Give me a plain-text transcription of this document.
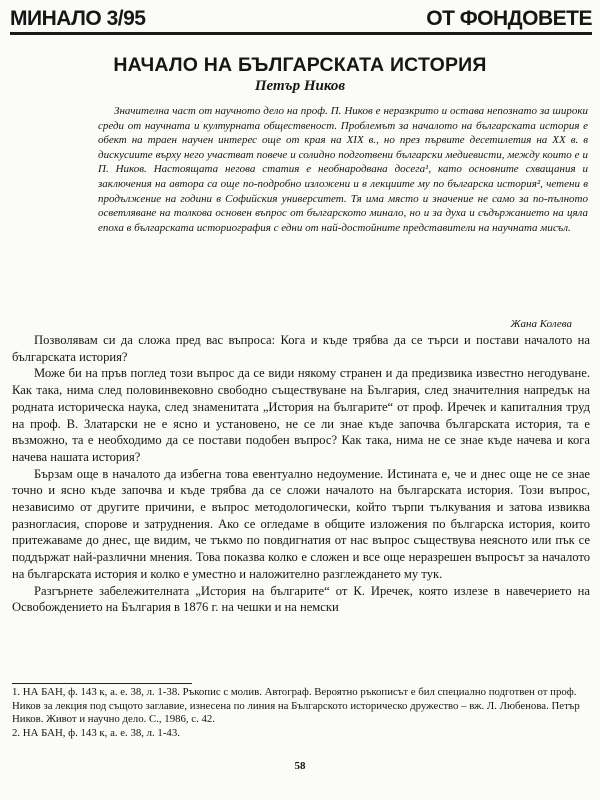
МИНАЛО 3/95	ОТ ФОНДОВЕТЕ
НАЧАЛО НА БЪЛГАРСКАТА ИСТОРИЯ
Петър Ников

Значителна част от научното дело на проф. П. Ников е неразкрито и остава непознато за широки среди от научната и културната общественост. Проблемът за началото на българската история е обект на траен научен интерес още от края на XIX в., но през първите десетилетия на XX в. в дискусиите върху него участват повече и солидно подготвени български медиевисти, между които е и П. Ников. Настоящата негова статия е необнародвана досега¹, като основните схващания и заключения на автора са още по-подробно изложени и в лекциите му по българска история², четени в продължение на години в Софийския университет. Тя има място и значение не само за по-пълното осветляване на толкова основен въпрос от българското минало, но и за духа и съдържанието на цяла епоха в българската историография с едни от най-достойните представители на научната мисъл.

Жана Колева

Позволявам си да сложа пред вас въпроса: Кога и къде трябва да се търси и постави началото на българската история?

Може би на пръв поглед този въпрос да се види някому странен и да предизвика известно негодуване. Как така, нима след половинвековно свободно съществуване на България, след значителния напредък на родната историческа наука, след знаменитата „История на българите“ от проф. Иречек и капиталния труд на проф. В. Златарски не е ясно и установено, не се ли знае къде започва българската история, та е възможно, та е необходимо да се постави подобен въпрос? Как така, нима не се знае къде начева и кога начева нашата история?

Бързам още в началото да избегна това евентуално недоумение. Истината е, че и днес още не се знае точно и ясно къде започва и къде трябва да се сложи началото на българската история. Този въпрос, независимо от другите причини, е въпрос методологически, който търпи тълкувания и затова извиква разногласия, спорове и затруднения. Ако се огледаме в общите изложения по българска история, които притежаваме до днес, ще видим, че тъкмо по повдигнатия от нас въпрос съществува неясното или пък се поддържат най-различни мнения. Това показва колко е сложен и все още неразрешен въпросът за началото на българската история и колко е уместно и наложително разглеждането му тук.

Разгърнете забележителната „История на българите“ от К. Иречек, която излезе в навечерието на Освобождението на България в 1876 г. на чешки и на немски

1. НА БАН, ф. 143 к, а. е. 38, л. 1-38. Ръкопис с молив. Автограф. Вероятно ръкописът е бил специално подготвен от проф. Ников за лекция под същото заглавие, изнесена по линия на Българското историческо дружество – вж. Л. Любенова. Петър Ников. Живот и научно дело. С., 1986, с. 42.
2. НА БАН, ф. 143 к, а. е. 38, л. 1-43.
58
